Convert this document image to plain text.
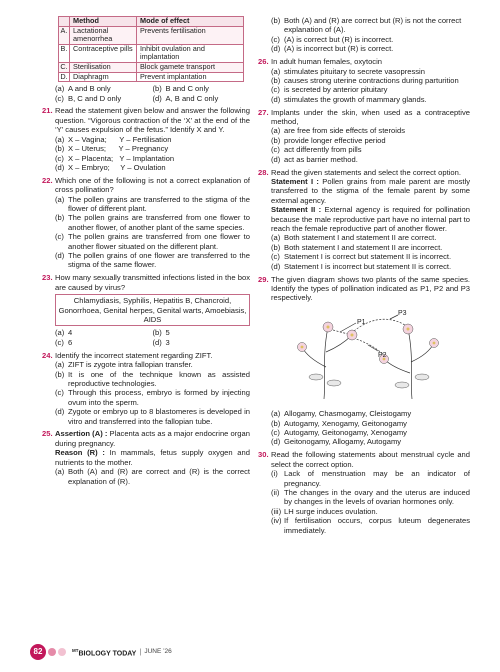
	Method	Mode of effect
A.	Lactational amenorrhea	Prevents fertilisation
B.	Contraceptive pills	Inhibit ovulation and implantation
C.	Sterilisation	Block gamete transport
D.	Diaphragm	Prevent implantation
(a) A and B only	(b) B and C only
(c) B, C and D only	(d) A, B and C only
21. Read the statement given below and answer the following question. “Vigorous contraction of the ‘X’ at the end of the ‘Y’ causes expulsion of the fetus.” Identify X and Y.
(a) X – Vagina;      Y – Fertilisation
(b) X – Uterus;      Y – Pregnancy
(c) X – Placenta;   Y – Implantation
(d) X – Embryo;     Y – Ovulation
22. Which one of the following is not a correct explanation of cross pollination?
(a) The pollen grains are transferred to the stigma of the flower of different plant.
(b) The pollen grains are transferred from one flower to another flower, of another plant of the same species.
(c) The pollen grains are transferred from one flower to another flower situated on the different plant.
(d) The pollen grains of one flower are transferred to the stigma of the same flower.
23. How many sexually transmitted infections listed in the box are caused by virus?
Chlamydiasis, Syphilis, Hepatitis B, Chancroid, Gonorrhoea, Genital herpes, Genital warts, Amoebiasis, AIDS
(a) 4	(b) 5
(c) 6	(d) 3
24. Identify the incorrect statement regarding ZIFT.
(a) ZIFT is zygote intra fallopian transfer.
(b) It is one of the technique known as assisted reproductive technologies.
(c) Through this process, embryo is formed by injecting ovum into the sperm.
(d) Zygote or embryo up to 8 blastomeres is developed in vitro and transferred into the fallopian tube.
25. Assertion (A) : Placenta acts as a major endocrine organ during pregnancy.
Reason (R) : In mammals, fetus supply oxygen and nutrients to the mother.
(a) Both (A) and (R) are correct and (R) is the correct explanation of (R).
(b) Both (A) and (R) are correct but (R) is not the correct explanation of (A).
(c) (A) is correct but (R) is incorrect.
(d) (A) is incorrect but (R) is correct.
26. In adult human females, oxytocin
(a) stimulates pituitary to secrete vasopressin
(b) causes strong uterine contractions during parturition
(c) is secreted by anterior pituitary
(d) stimulates the growth of mammary glands.
27. Implants under the skin, when used as a contraceptive method,
(a) are free from side effects of steroids
(b) provide longer effective period
(c) act differently from pills
(d) act as barrier method.
28. Read the given statements and select the correct option.
Statement I : Pollen grains from male parent are mostly transferred to the stigma of the female parent by some external agency.
Statement II : External agency is required for pollination because the male reproductive part have no internal part to reach the female reproductive part of another flower.
(a) Both statement I and statement II are correct.
(b) Both statement I and statement II are incorrect.
(c) Statement I is correct but statement II is incorrect.
(d) Statement I is incorrect but statement II is correct.
29. The given diagram shows two plants of the same species. Identify the types of pollination indicated as P1, P2 and P3 respectively.
P1
P2
P3
(a) Allogamy, Chasmogamy, Cleistogamy
(b) Autogamy, Xenogamy, Geitonogamy
(c) Autogamy, Geitonogamy, Xenogamy
(d) Geitonogamy, Allogamy, Autogamy
30. Read the following statements about menstrual cycle and select the correct option.
(i) Lack of menstruation may be an indicator of pregnancy.
(ii) The changes in the ovary and the uterus are induced by changes in the levels of ovarian hormones only.
(iii) LH surge induces ovulation.
(iv) If fertilisation occurs, corpus luteum degenerates immediately.
82	$^{MT}$BIOLOGY TODAY | JUNE ’26
